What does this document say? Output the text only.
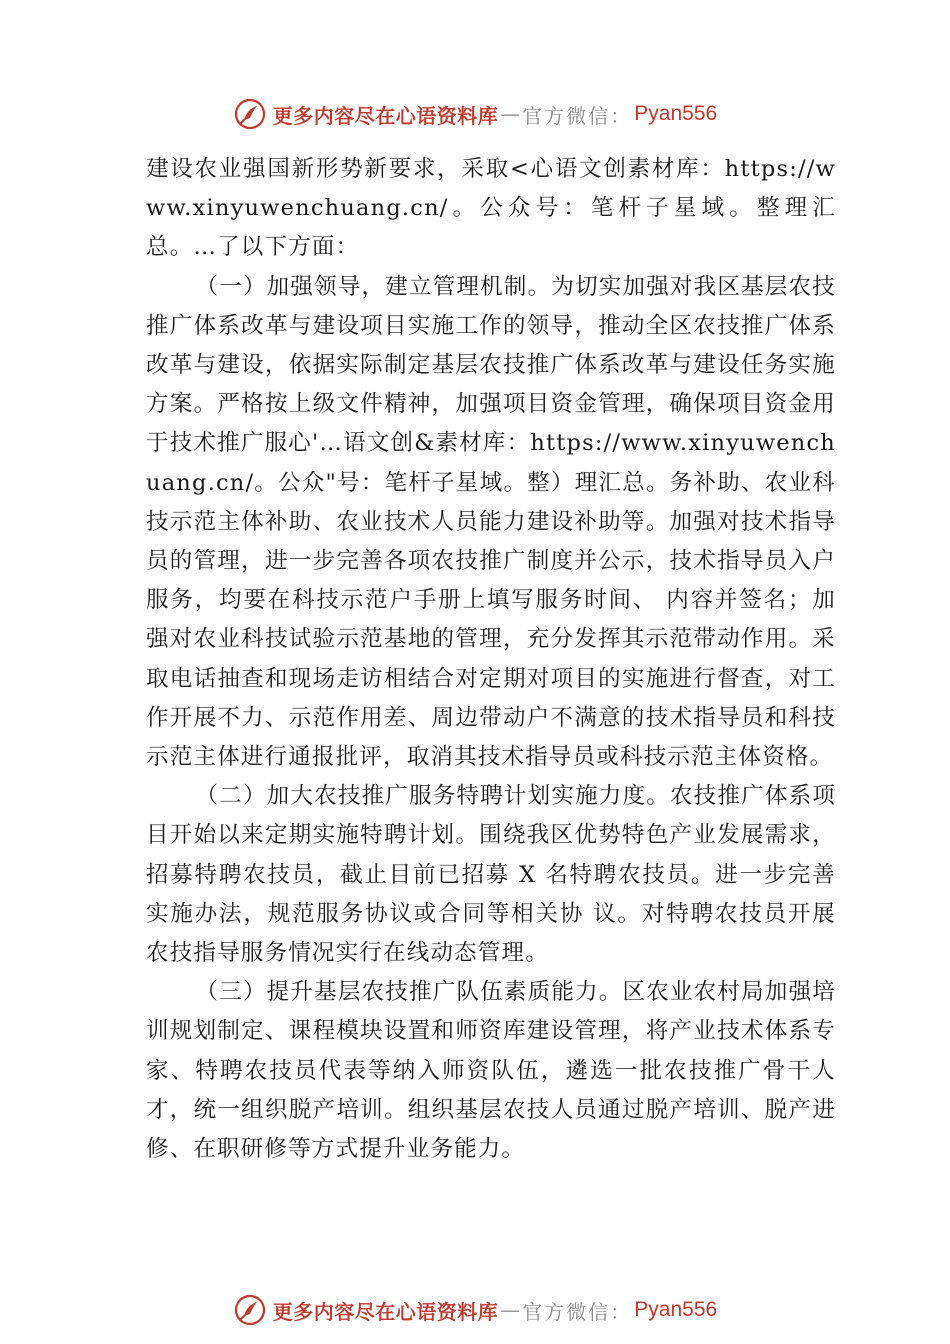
更多内容尽在心语资料库 — 官方微信： Pyan556

建设农业强国新形势新要求，采取<心语文创素材库：https://www.xinyuwenchuang.cn/。公众号：笔杆子星域。整理汇总。…了以下方面：

（一）加强领导，建立管理机制。为切实加强对我区基层农技推广体系改革与建设项目实施工作的领导，推动全区农技推广体系改革与建设，依据实际制定基层农技推广体系改革与建设任务实施方案。严格按上级文件精神，加强项目资金管理，确保项目资金用于技术推广服心'…语文创&素材库：https://www.xinyuwenchuang.cn/。公众"号：笔杆子星域。整）理汇总。务补助、农业科技示范主体补助、农业技术人员能力建设补助等。加强对技术指导员的管理，进一步完善各项农技推广制度并公示，技术指导员入户服务，均要在科技示范户手册上填写服务时间、 内容并签名；加强对农业科技试验示范基地的管理，充分发挥其示范带动作用。采取电话抽查和现场走访相结合对定期对项目的实施进行督查，对工作开展不力、示范作用差、周边带动户不满意的技术指导员和科技示范主体进行通报批评，取消其技术指导员或科技示范主体资格。

（二）加大农技推广服务特聘计划实施力度。农技推广体系项目开始以来定期实施特聘计划。围绕我区优势特色产业发展需求，招募特聘农技员，截止目前已招募 X 名特聘农技员。进一步完善实施办法，规范服务协议或合同等相关协 议。对特聘农技员开展农技指导服务情况实行在线动态管理。

（三）提升基层农技推广队伍素质能力。区农业农村局加强培训规划制定、课程模块设置和师资库建设管理，将产业技术体系专家、特聘农技员代表等纳入师资队伍，遴选一批农技推广骨干人才，统一组织脱产培训。组织基层农技人员通过脱产培训、脱产进修、在职研修等方式提升业务能力。

更多内容尽在心语资料库 — 官方微信： Pyan556
